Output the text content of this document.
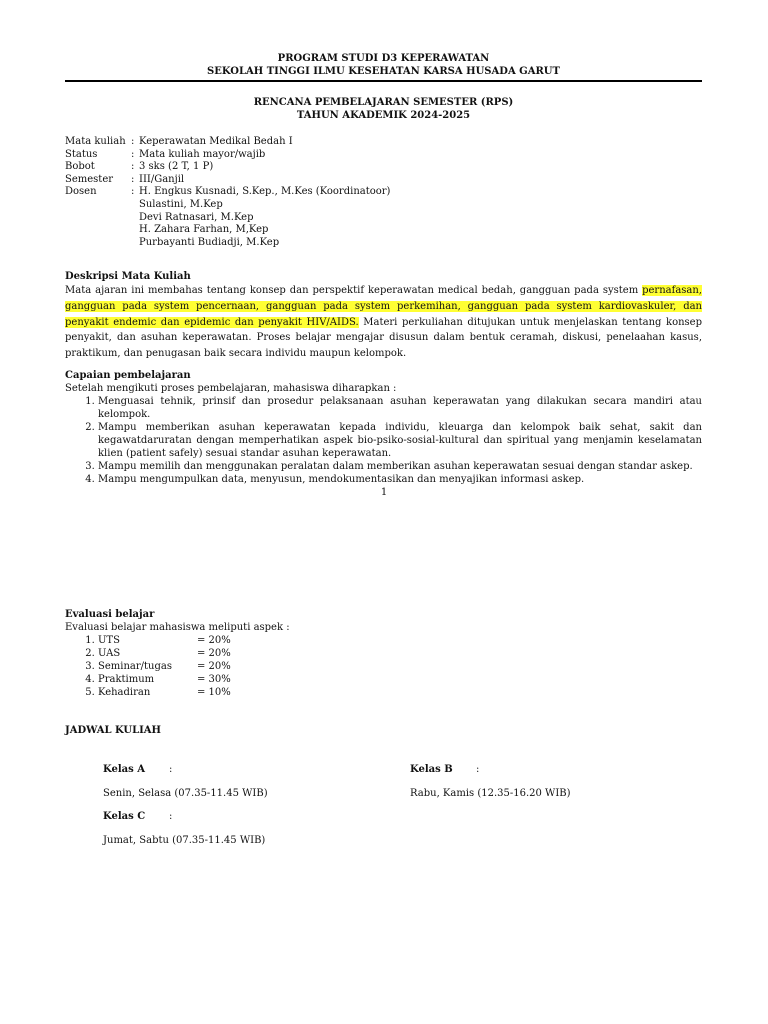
PROGRAM STUDI D3 KEPERAWATAN
SEKOLAH TINGGI ILMU KESEHATAN KARSA HUSADA GARUT
RENCANA PEMBELAJARAN SEMESTER (RPS)
TAHUN AKADEMIK 2024-2025
Mata kuliah : Keperawatan Medikal Bedah I
Status	: Mata kuliah mayor/wajib
Bobot	: 3 sks (2 T, 1 P)
Semester	: III/Ganjil
Dosen	: H. Engkus Kusnadi, S.Kep., M.Kes (Koordinatoor)
Sulastini, M.Kep
Devi Ratnasari, M.Kep
H. Zahara Farhan, M,Kep
Purbayanti Budiadji, M.Kep
Deskripsi Mata Kuliah
Mata ajaran ini membahas tentang konsep dan perspektif keperawatan medical bedah, gangguan pada system pernafasan, gangguan pada system pencernaan, gangguan pada system perkemihan, gangguan pada system kardiovaskuler, dan penyakit endemic dan epidemic dan penyakit HIV/AIDS. Materi perkuliahan ditujukan untuk menjelaskan tentang konsep penyakit, dan asuhan keperawatan. Proses belajar mengajar disusun dalam bentuk ceramah, diskusi, penelaahan kasus, praktikum, dan penugasan baik secara individu maupun kelompok.
Capaian pembelajaran
Setelah mengikuti proses pembelajaran, mahasiswa diharapkan :
1. Menguasai tehnik, prinsif dan prosedur pelaksanaan asuhan keperawatan yang dilakukan secara mandiri atau kelompok.
2. Mampu memberikan asuhan keperawatan kepada individu, kleuarga dan kelompok baik sehat, sakit dan kegawatdaruratan dengan memperhatikan aspek bio-psiko-sosial-kultural dan spiritual yang menjamin keselamatan klien (patient safely) sesuai standar asuhan keperawatan.
3. Mampu memilih dan menggunakan peralatan dalam memberikan asuhan keperawatan sesuai dengan standar askep.
4. Mampu mengumpulkan data, menyusun, mendokumentasikan dan menyajikan informasi askep.
1
Evaluasi belajar
Evaluasi belajar mahasiswa meliputi aspek :
1. UTS	= 20%
2. UAS	= 20%
3. Seminar/tugas	= 20%
4. Praktimum	= 30%
5. Kehadiran	= 10%
JADWAL KULIAH
Kelas A :
Senin, Selasa (07.35-11.45 WIB)
Kelas B :
Rabu, Kamis (12.35-16.20 WIB)
Kelas C :
Jumat, Sabtu (07.35-11.45 WIB)
